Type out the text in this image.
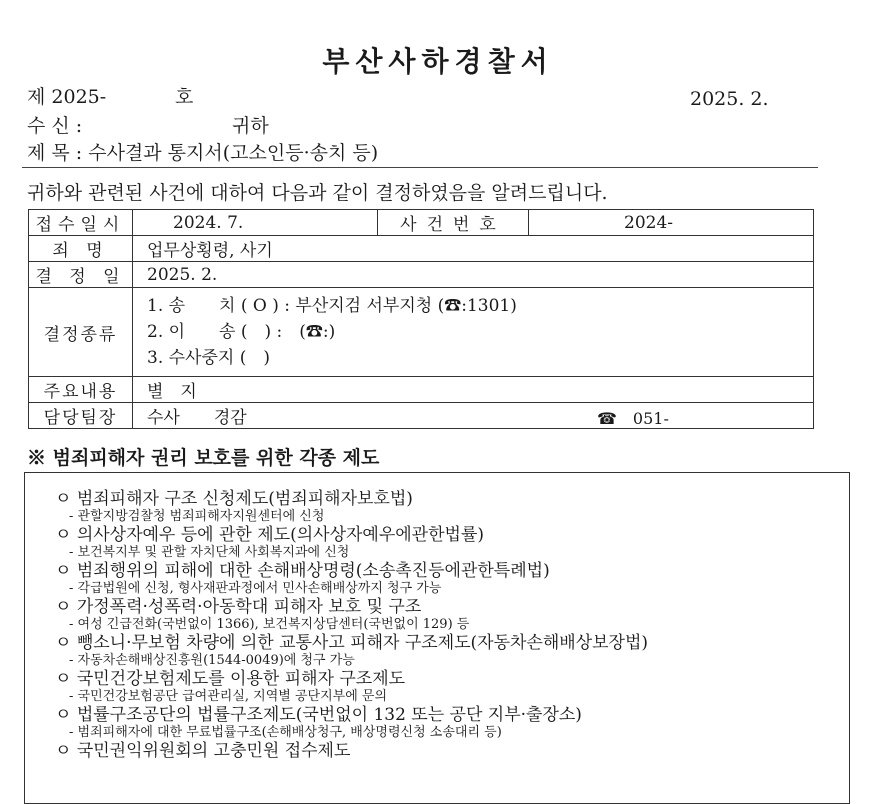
부산사하경찰서
제 2025-	호	2025. 2.
수 신 :	귀하
제 목 : 수사결과 통지서(고소인등·송치 등)
귀하와 관련된 사건에 대하여 다음과 같이 결정하였음을 알려드립니다.
접수일시	2024. 7.	사건번호	2024-
죄 명	업무상횡령, 사기		
결 정 일	2025. 2.		
결정종류	1. 송　　치 ( O ) : 부산지검 서부지청 (☎:1301)
2. 이　　송 (　) :　(☎:)
3. 수사중지 (　)		

주요내용	별　지		
담당팀장	수사　　경감 ☎　051-		
※ 범죄피해자 권리 보호를 위한 각종 제도
ㅇ 범죄피해자 구조 신청제도(범죄피해자보호법)
- 관할지방검찰청 범죄피해자지원센터에 신청
ㅇ 의사상자예우 등에 관한 제도(의사상자예우에관한법률)
- 보건복지부 및 관할 자치단체 사회복지과에 신청
ㅇ 범죄행위의 피해에 대한 손해배상명령(소송촉진등에관한특례법)
- 각급법원에 신청, 형사재판과정에서 민사손해배상까지 청구 가능
ㅇ 가정폭력·성폭력·아동학대 피해자 보호 및 구조
- 여성 긴급전화(국번없이 1366), 보건복지상담센터(국번없이 129) 등
ㅇ 뺑소니·무보험 차량에 의한 교통사고 피해자 구조제도(자동차손해배상보장법)
- 자동차손해배상진흥원(1544-0049)에 청구 가능
ㅇ 국민건강보험제도를 이용한 피해자 구조제도
- 국민건강보험공단 급여관리실, 지역별 공단지부에 문의
ㅇ 법률구조공단의 법률구조제도(국번없이 132 또는 공단 지부·출장소)
- 범죄피해자에 대한 무료법률구조(손해배상청구, 배상명령신청 소송대리 등)
ㅇ 국민권익위원회의 고충민원 접수제도
